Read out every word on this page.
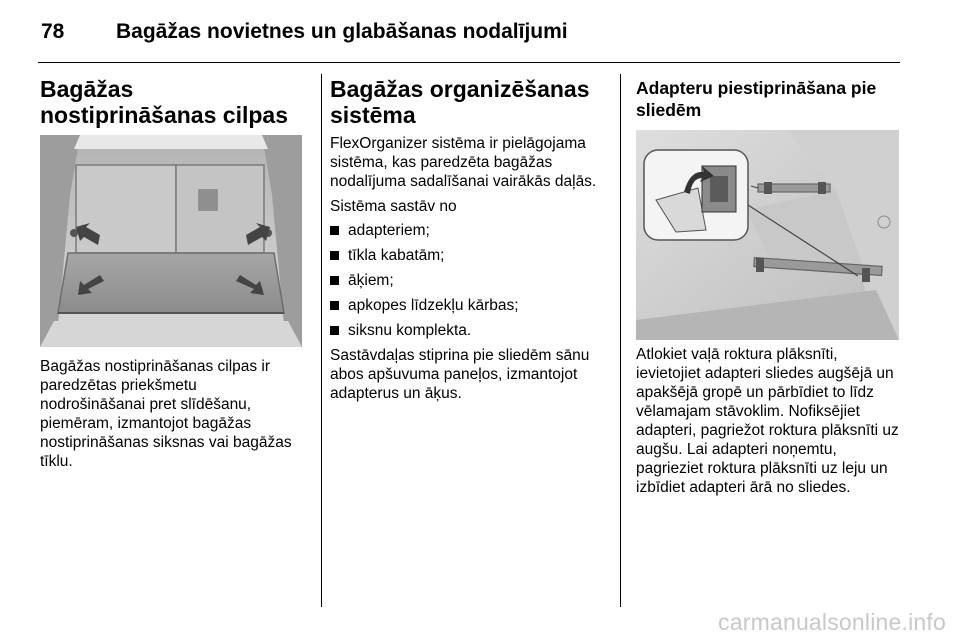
78 Bagāžas novietnes un glabāšanas nodalījumi
Bagāžas nostiprināšanas cilpas

Bagāžas nostiprināšanas cilpas ir paredzētas priekšmetu nodrošināšanai pret slīdēšanu, piemēram, izmantojot bagāžas nostiprināšanas siksnas vai bagāžas tīklu.

Bagāžas organizēšanas sistēma

FlexOrganizer sistēma ir pielāgojama sistēma, kas paredzēta bagāžas nodalījuma sadalīšanai vairākās daļās.

Sistēma sastāv no

adapteriem;
tīkla kabatām;
āķiem;
apkopes līdzekļu kārbas;
siksnu komplekta.

Sastāvdaļas stiprina pie sliedēm sānu abos apšuvuma paneļos, izmantojot adapterus un āķus.

Adapteru piestiprināšana pie sliedēm

Atlokiet vaļā roktura plāksnīti, ievietojiet adapteri sliedes augšējā un apakšējā gropē un pārbīdiet to līdz vēlamajam stāvoklim. Nofiksējiet adapteri, pagriežot roktura plāksnīti uz augšu. Lai adapteri noņemtu, pagrieziet roktura plāksnīti uz leju un izbīdiet adapteri ārā no sliedes.

carmanualsonline.info
